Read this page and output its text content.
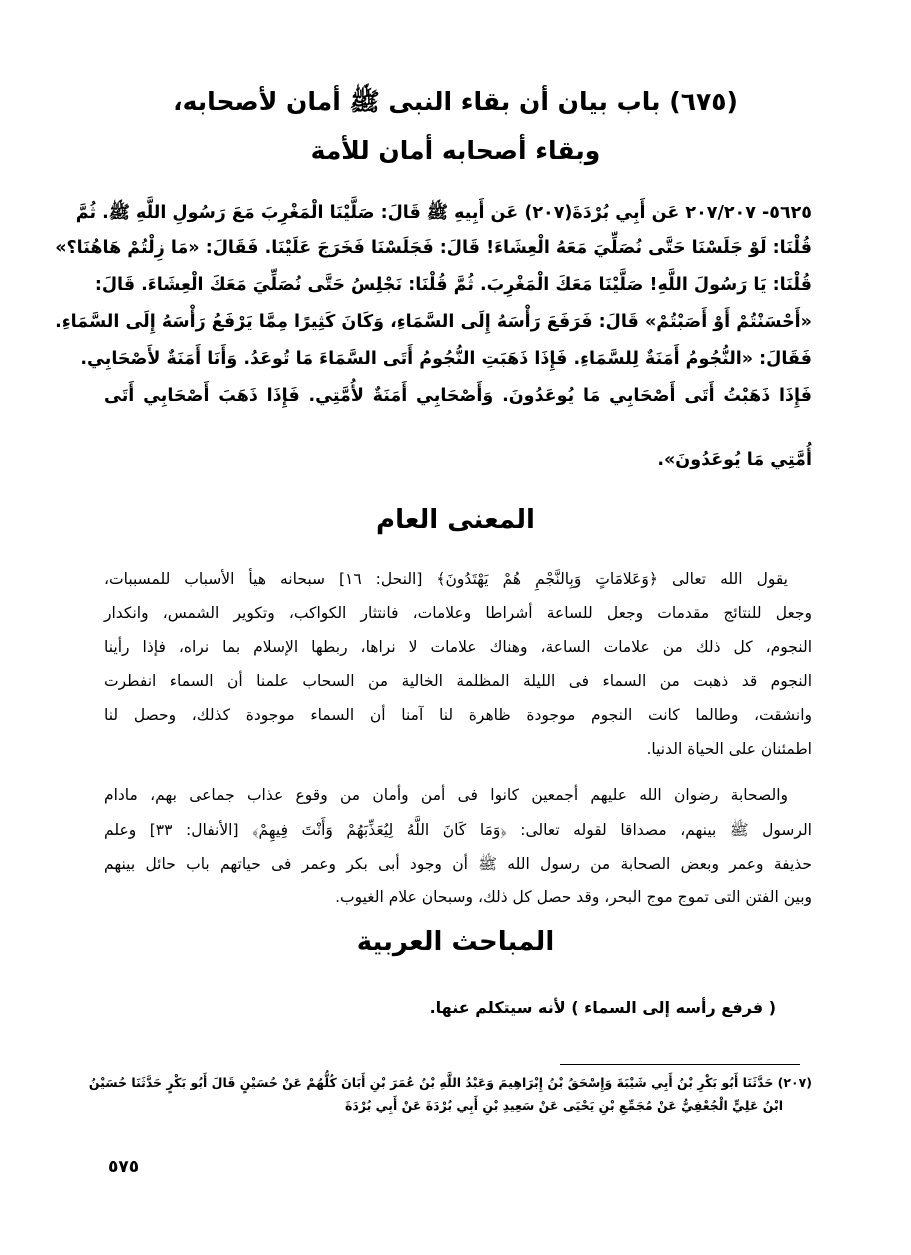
(٦٧٥) باب بيان أن بقاء النبى ﷺ أمان لأصحابه،
وبقاء أصحابه أمان للأمة
٥٦٢٥- ٢٠٧/٢٠٧ عَن أَبِي بُرْدَةَ(٢٠٧) عَن أَبِيهِ ﷺ قَالَ: صَلَّيْنَا الْمَغْرِبَ مَعَ رَسُولِ اللَّهِ ﷺ. ثُمَّ
قُلْنَا: لَوْ جَلَسْنَا حَتَّى نُصَلِّيَ مَعَهُ الْعِشَاءَ! قَالَ: فَجَلَسْنَا فَخَرَجَ عَلَيْنَا. فَقَالَ: «مَا زِلْتُمْ هَاهُنَا؟»
قُلْنَا: يَا رَسُولَ اللَّهِ! صَلَّيْنَا مَعَكَ الْمَغْرِبَ. ثُمَّ قُلْنَا: نَجْلِسُ حَتَّى نُصَلِّيَ مَعَكَ الْعِشَاءَ. قَالَ:
«أَحْسَنْتُمْ أَوْ أَصَبْتُمْ» قَالَ: فَرَفَعَ رَأْسَهُ إِلَى السَّمَاءِ، وَكَانَ كَثِيرًا مِمَّا يَرْفَعُ رَأْسَهُ إِلَى السَّمَاءِ.
فَقَالَ: «النُّجُومُ أَمَنَةٌ لِلسَّمَاءِ. فَإِذَا ذَهَبَتِ النُّجُومُ أَتَى السَّمَاءَ مَا تُوعَدُ. وَأَنَا أَمَنَةٌ لأَصْحَابِي.
فَإِذَا ذَهَبْتُ أَتَى أَصْحَابِي مَا يُوعَدُونَ. وَأَصْحَابِي أَمَنَةٌ لأُمَّتِي. فَإِذَا ذَهَبَ أَصْحَابِي أَتَى
أُمَّتِي مَا يُوعَدُونَ».
المعنى العام
يقول الله تعالى ﴿وَعَلامَاتٍ وَبِالنَّجْمِ هُمْ يَهْتَدُونَ﴾ [النحل: ١٦] سبحانه هيأ الأسباب للمسببات،
وجعل للنتائج مقدمات وجعل للساعة أشراطا وعلامات، فانتثار الكواكب، وتكوير الشمس، وانكدار
النجوم، كل ذلك من علامات الساعة، وهناك علامات لا نراها، ربطها الإسلام بما نراه، فإذا رأينا
النجوم قد ذهبت من السماء فى الليلة المظلمة الخالية من السحاب علمنا أن السماء انفطرت
وانشقت، وطالما كانت النجوم موجودة ظاهرة لنا آمنا أن السماء موجودة كذلك، وحصل لنا
اطمئنان على الحياة الدنيا.
والصحابة رضوان الله عليهم أجمعين كانوا فى أمن وأمان من وقوع عذاب جماعى بهم، مادام
الرسول ﷺ بينهم، مصداقا لقوله تعالى: ﴿وَمَا كَانَ اللَّهُ لِيُعَذِّبَهُمْ وَأَنْتَ فِيهِمْ﴾ [الأنفال: ٣٣] وعلم
حذيفة وعمر وبعض الصحابة من رسول الله ﷺ أن وجود أبى بكر وعمر فى حياتهم باب حائل بينهم
وبين الفتن التى تموج موج البحر، وقد حصل كل ذلك، وسبحان علام الغيوب.
المباحث العربية
( فرفع رأسه إلى السماء ) لأنه سيتكلم عنها.
(٢٠٧) حَدَّثَنَا أَبُو بَكْرِ بْنُ أَبِي شَيْبَةَ وَإِسْحَقُ بْنُ إِبْرَاهِيمَ وَعَبْدُ اللَّهِ بْنُ عُمَرَ بْنِ أَبَانَ كُلُّهُمْ عَنْ حُسَيْنٍ قَالَ أَبُو بَكْرٍ حَدَّثَنَا حُسَيْنُ
ابْنُ عَلِيٍّ الْجُعْفِيُّ عَنْ مُجَمِّعِ بْنِ يَحْيَى عَنْ سَعِيدِ بْنِ أَبِي بُرْدَةَ عَنْ أَبِي بُرْدَةَ
٥٧٥
